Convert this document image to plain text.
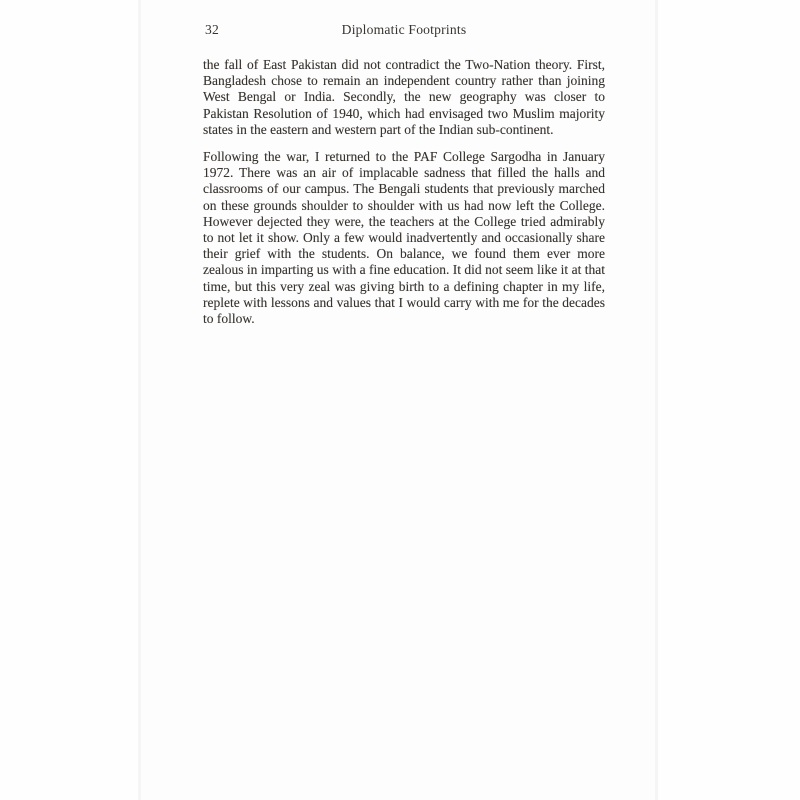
32	Diplomatic Footprints

the fall of East Pakistan did not contradict the Two-Nation theory. First, Bangladesh chose to remain an independent country rather than joining West Bengal or India. Secondly, the new geography was closer to Pakistan Resolution of 1940, which had envisaged two Muslim majority states in the eastern and western part of the Indian sub-continent.

Following the war, I returned to the PAF College Sargodha in January 1972. There was an air of implacable sadness that filled the halls and classrooms of our campus. The Bengali students that previously marched on these grounds shoulder to shoulder with us had now left the College. However dejected they were, the teachers at the College tried admirably to not let it show. Only a few would inadvertently and occasionally share their grief with the students. On balance, we found them ever more zealous in imparting us with a fine education. It did not seem like it at that time, but this very zeal was giving birth to a defining chapter in my life, replete with lessons and values that I would carry with me for the decades to follow.
